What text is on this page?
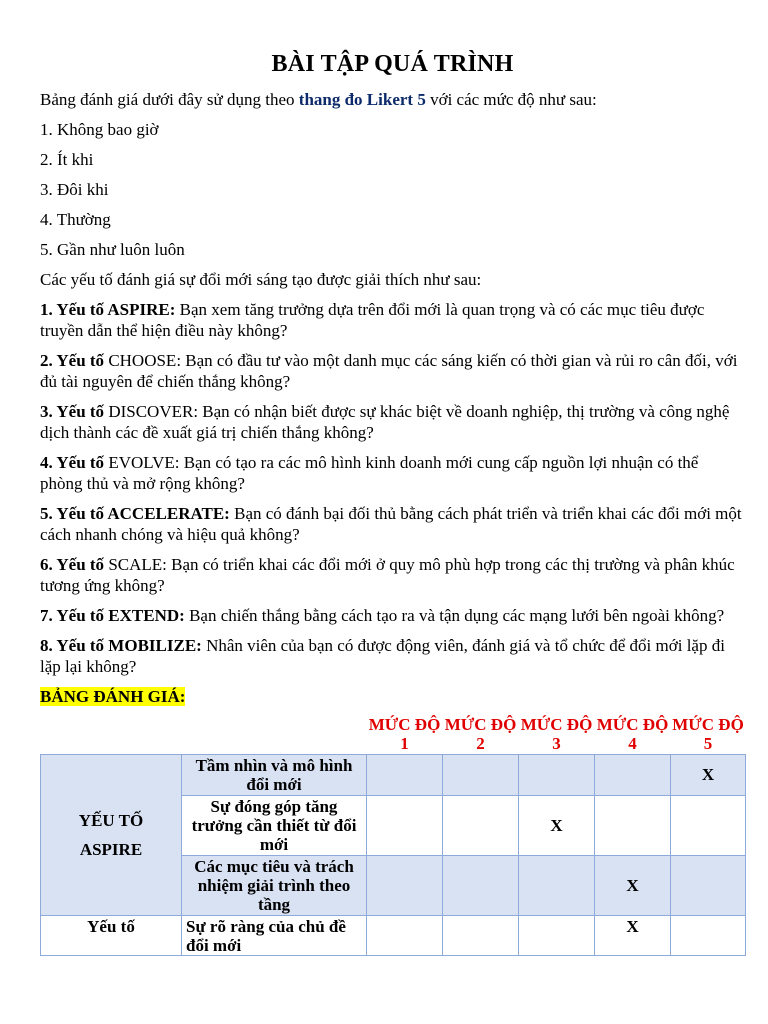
BÀI TẬP QUÁ TRÌNH

Bảng đánh giá dưới đây sử dụng theo thang đo Likert 5 với các mức độ như sau:

1. Không bao giờ

2. Ít khi

3. Đôi khi

4. Thường

5. Gần như luôn luôn

Các yếu tố đánh giá sự đổi mới sáng tạo được giải thích như sau:

1. Yếu tố ASPIRE: Bạn xem tăng trưởng dựa trên đổi mới là quan trọng và có các mục tiêu được truyền dẫn thể hiện điều này không?

2. Yếu tố CHOOSE: Bạn có đầu tư vào một danh mục các sáng kiến có thời gian và rủi ro cân đối, với đủ tài nguyên để chiến thắng không?

3. Yếu tố DISCOVER: Bạn có nhận biết được sự khác biệt về doanh nghiệp, thị trường và công nghệ dịch thành các đề xuất giá trị chiến thắng không?

4. Yếu tố EVOLVE: Bạn có tạo ra các mô hình kinh doanh mới cung cấp nguồn lợi nhuận có thể phòng thủ và mở rộng không?

5. Yếu tố ACCELERATE: Bạn có đánh bại đối thủ bằng cách phát triển và triển khai các đổi mới một cách nhanh chóng và hiệu quả không?

6. Yếu tố SCALE: Bạn có triển khai các đổi mới ở quy mô phù hợp trong các thị trường và phân khúc tương ứng không?

7. Yếu tố EXTEND: Bạn chiến thắng bằng cách tạo ra và tận dụng các mạng lưới bên ngoài không?

8. Yếu tố MOBILIZE: Nhân viên của bạn có được động viên, đánh giá và tổ chức để đổi mới lặp đi lặp lại không?

BẢNG ĐÁNH GIÁ:

		MỨC ĐỘ 1	MỨC ĐỘ 2	MỨC ĐỘ 3	MỨC ĐỘ 4	MỨC ĐỘ 5
YẾU TỐ
ASPIRE	Tầm nhìn và mô hình đổi mới					X
	Sự đóng góp tăng trưởng cần thiết từ đổi mới			X		
	Các mục tiêu và trách nhiệm giải trình theo tầng				X	
Yếu tố	Sự rõ ràng của chủ đề đổi mới				X	
